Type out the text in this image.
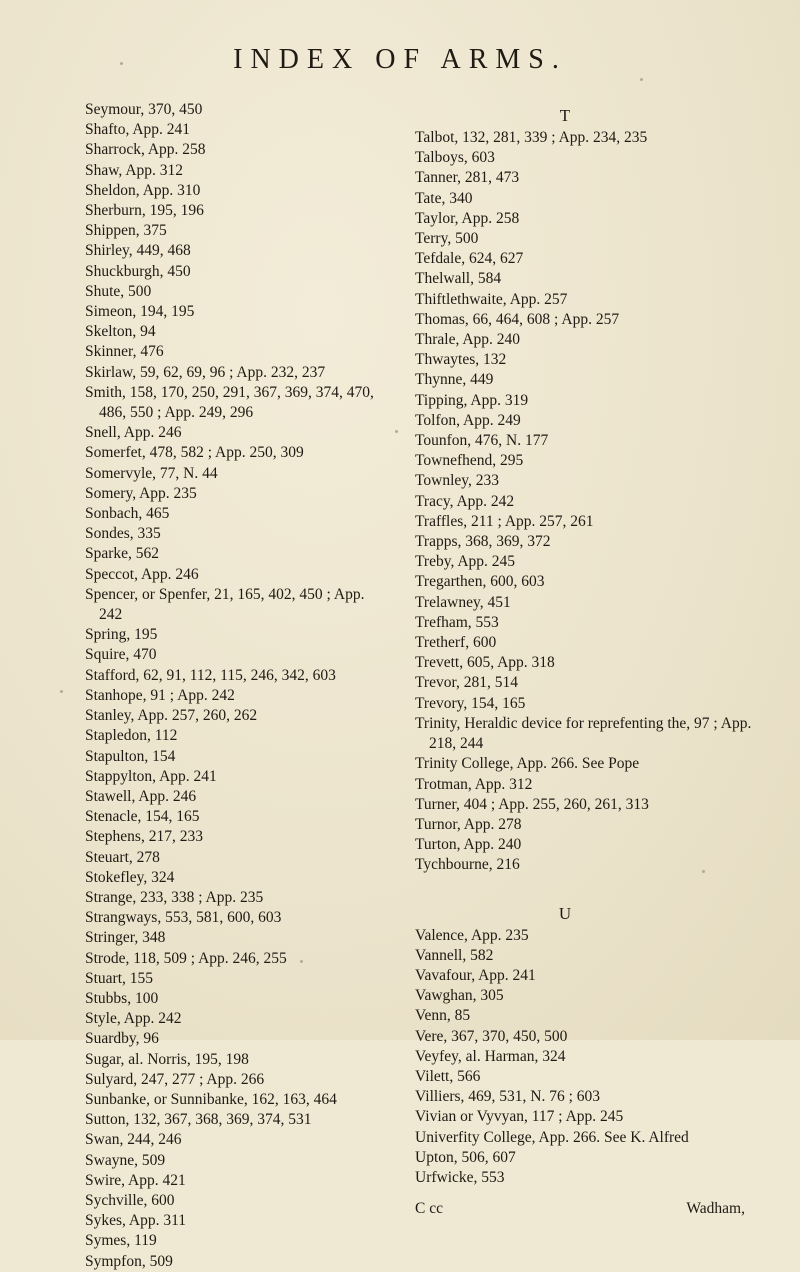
INDEX OF ARMS.
Seymour, 370, 450
Shafto, App. 241
Sharrock, App. 258
Shaw, App. 312
Sheldon, App. 310
Sherburn, 195, 196
Shippen, 375
Shirley, 449, 468
Shuckburgh, 450
Shute, 500
Simeon, 194, 195
Skelton, 94
Skinner, 476
Skirlaw, 59, 62, 69, 96 ; App. 232, 237
Smith, 158, 170, 250, 291, 367, 369, 374, 470, 486, 550 ; App. 249, 296
Snell, App. 246
Somerfet, 478, 582 ; App. 250, 309
Somervyle, 77, N. 44
Somery, App. 235
Sonbach, 465
Sondes, 335
Sparke, 562
Speccot, App. 246
Spencer, or Spenfer, 21, 165, 402, 450 ; App. 242
Spring, 195
Squire, 470
Stafford, 62, 91, 112, 115, 246, 342, 603
Stanhope, 91 ; App. 242
Stanley, App. 257, 260, 262
Stapledon, 112
Stapulton, 154
Stappylton, App. 241
Stawell, App. 246
Stenacle, 154, 165
Stephens, 217, 233
Steuart, 278
Stokefley, 324
Strange, 233, 338 ; App. 235
Strangways, 553, 581, 600, 603
Stringer, 348
Strode, 118, 509 ; App. 246, 255
Stuart, 155
Stubbs, 100
Style, App. 242
Suardby, 96
Sugar, al. Norris, 195, 198
Sulyard, 247, 277 ; App. 266
Sunbanke, or Sunnibanke, 162, 163, 464
Sutton, 132, 367, 368, 369, 374, 531
Swan, 244, 246
Swayne, 509
Swire, App. 421
Sychville, 600
Sykes, App. 311
Symes, 119
Sympfon, 509
T
Talbot, 132, 281, 339 ; App. 234, 235
Talboys, 603
Tanner, 281, 473
Tate, 340
Taylor, App. 258
Terry, 500
Tefdale, 624, 627
Thelwall, 584
Thiftlethwaite, App. 257
Thomas, 66, 464, 608 ; App. 257
Thrale, App. 240
Thwaytes, 132
Thynne, 449
Tipping, App. 319
Tolfon, App. 249
Tounfon, 476, N. 177
Townefhend, 295
Townley, 233
Tracy, App. 242
Traffles, 211 ; App. 257, 261
Trapps, 368, 369, 372
Treby, App. 245
Tregarthen, 600, 603
Trelawney, 451
Trefham, 553
Tretherf, 600
Trevett, 605, App. 318
Trevor, 281, 514
Trevory, 154, 165
Trinity, Heraldic device for reprefenting the, 97 ; App. 218, 244
Trinity College, App. 266. See Pope
Trotman, App. 312
Turner, 404 ; App. 255, 260, 261, 313
Turnor, App. 278
Turton, App. 240
Tychbourne, 216
U
Valence, App. 235
Vannell, 582
Vavafour, App. 241
Vawghan, 305
Venn, 85
Vere, 367, 370, 450, 500
Veyfey, al. Harman, 324
Vilett, 566
Villiers, 469, 531, N. 76 ; 603
Vivian or Vyvyan, 117 ; App. 245
Univerfity College, App. 266. See K. Alfred
Upton, 506, 607
Urfwicke, 553
C cc	Wadham,
